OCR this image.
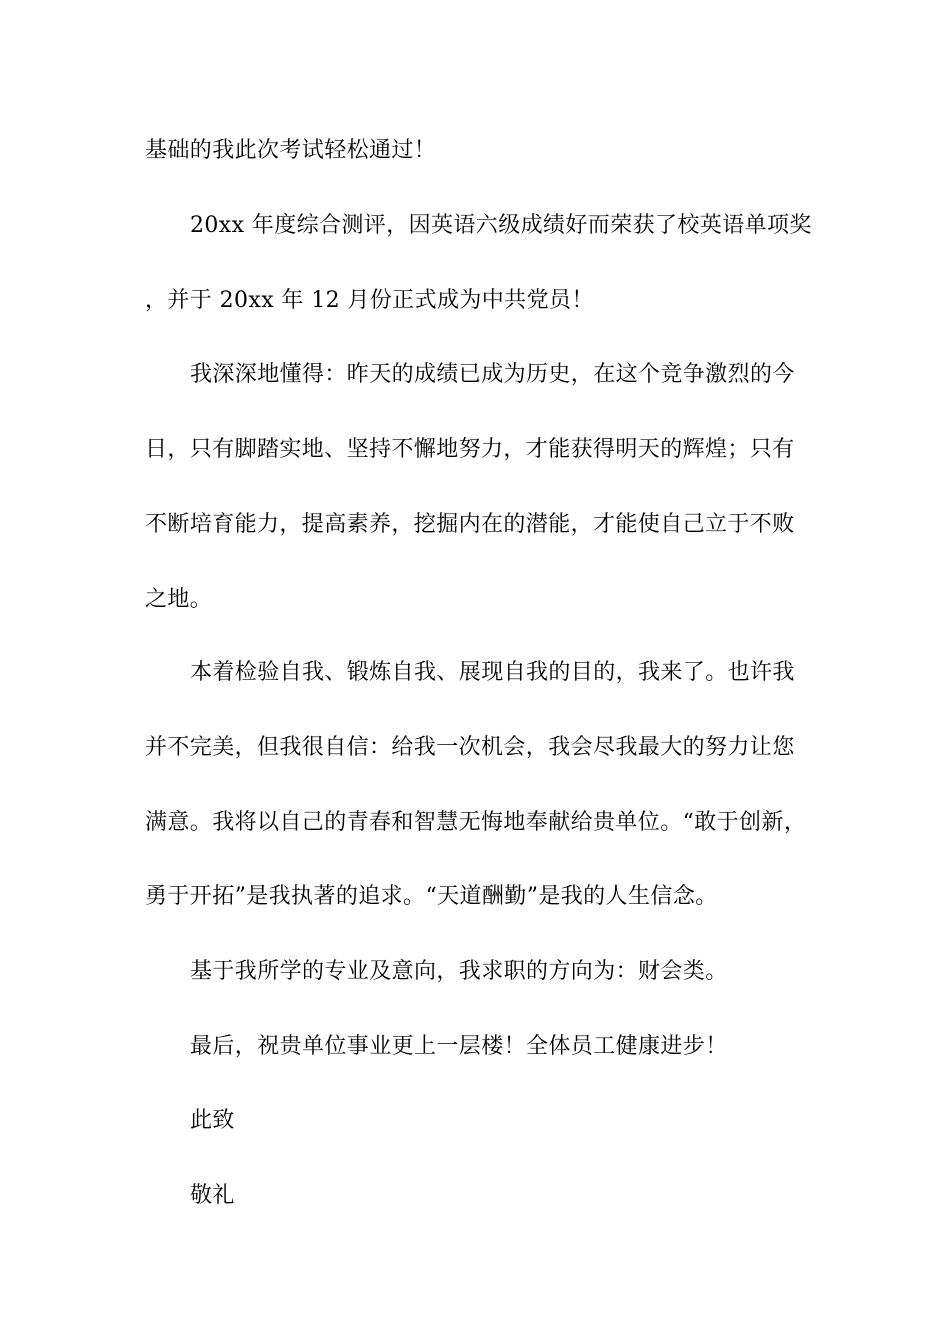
基础的我此次考试轻松通过！
20xx 年度综合测评，因英语六级成绩好而荣获了校英语单项奖
，并于 20xx 年 12 月份正式成为中共党员！
我深深地懂得：昨天的成绩已成为历史，在这个竞争激烈的今
日，只有脚踏实地、坚持不懈地努力，才能获得明天的辉煌；只有
不断培育能力，提高素养，挖掘内在的潜能，才能使自己立于不败
之地。
本着检验自我、锻炼自我、展现自我的目的，我来了。也许我
并不完美，但我很自信：给我一次机会，我会尽我最大的努力让您
满意。我将以自己的青春和智慧无悔地奉献给贵单位。“敢于创新，
勇于开拓”是我执著的追求。“天道酬勤”是我的人生信念。
基于我所学的专业及意向，我求职的方向为：财会类。
最后，祝贵单位事业更上一层楼！全体员工健康进步！
此致
敬礼
